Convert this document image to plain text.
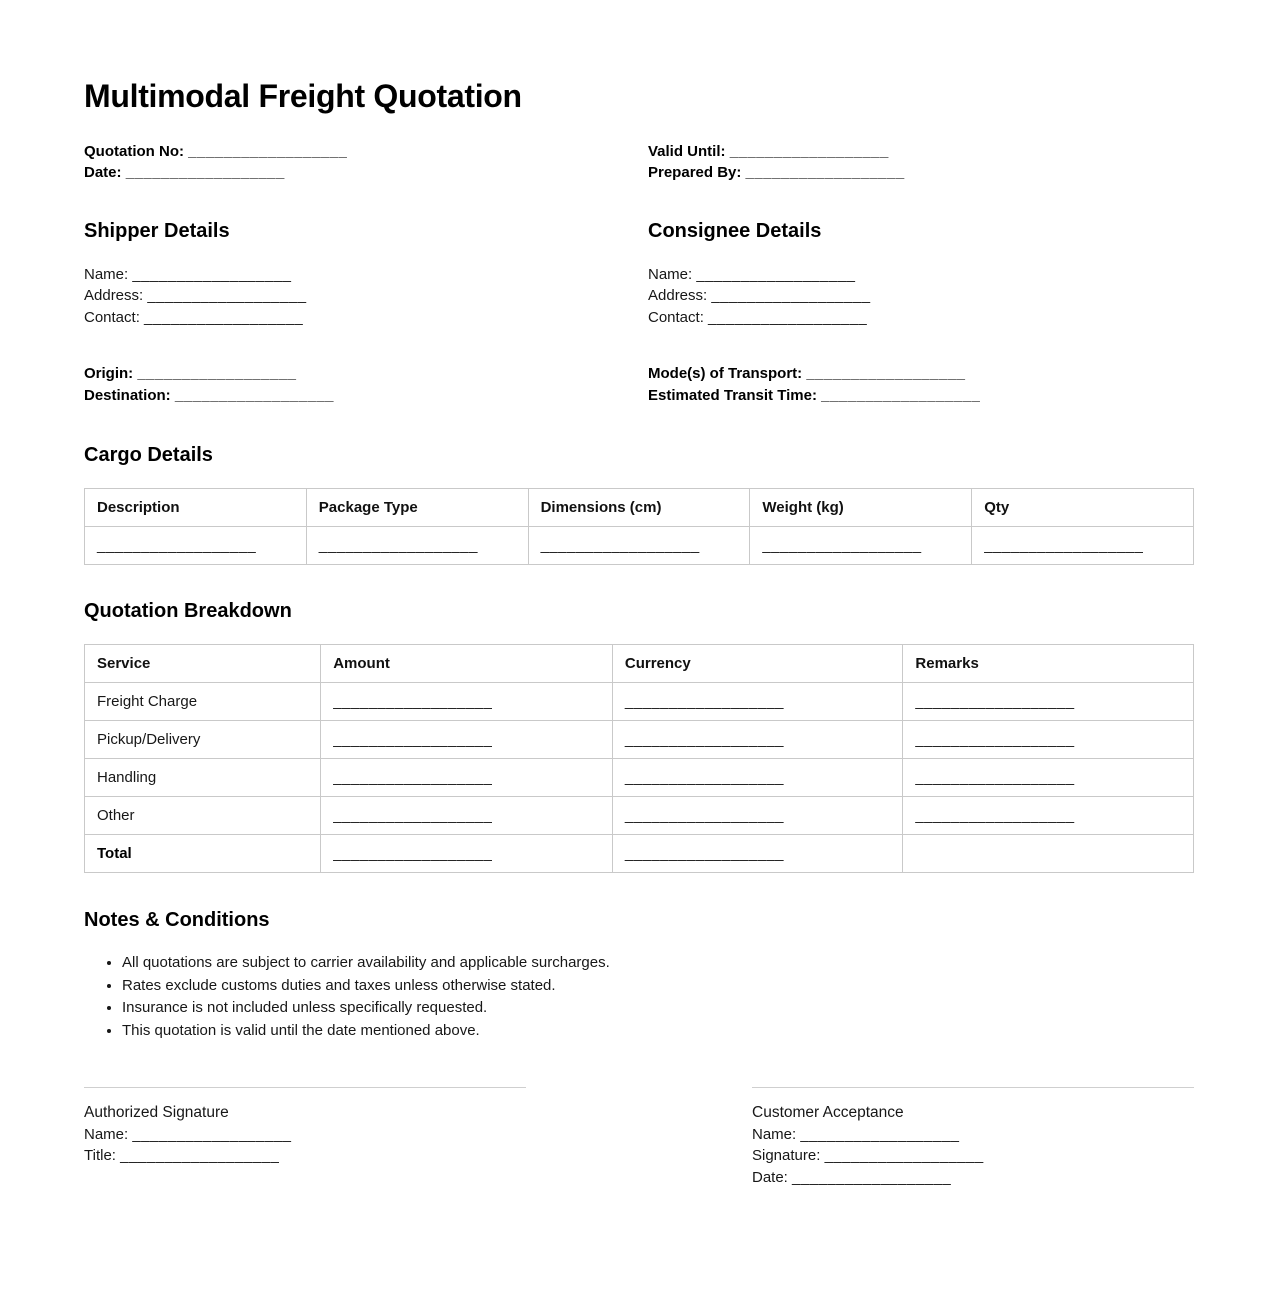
Multimodal Freight Quotation

Quotation No: __________________

Date: __________________

Valid Until: __________________

Prepared By: __________________

Shipper Details

Name: __________________

Address: __________________

Contact: __________________

Consignee Details

Name: __________________

Address: __________________

Contact: __________________

Origin: __________________

Destination: __________________

Mode(s) of Transport: __________________

Estimated Transit Time: __________________

Cargo Details
Description	Package Type	Dimensions (cm)	Weight (kg)	Qty
__________________	__________________	__________________	__________________	__________________
Quotation Breakdown
Service	Amount	Currency	Remarks
Freight Charge	__________________	__________________	__________________
Pickup/Delivery	__________________	__________________	__________________
Handling	__________________	__________________	__________________
Other	__________________	__________________	__________________
Total	__________________	__________________	
Notes & Conditions
• All quotations are subject to carrier availability and applicable surcharges.
• Rates exclude customs duties and taxes unless otherwise stated.
• Insurance is not included unless specifically requested.
• This quotation is valid until the date mentioned above.

Authorized Signature

Name: __________________

Title: __________________

Customer Acceptance

Name: __________________

Signature: __________________

Date: __________________
